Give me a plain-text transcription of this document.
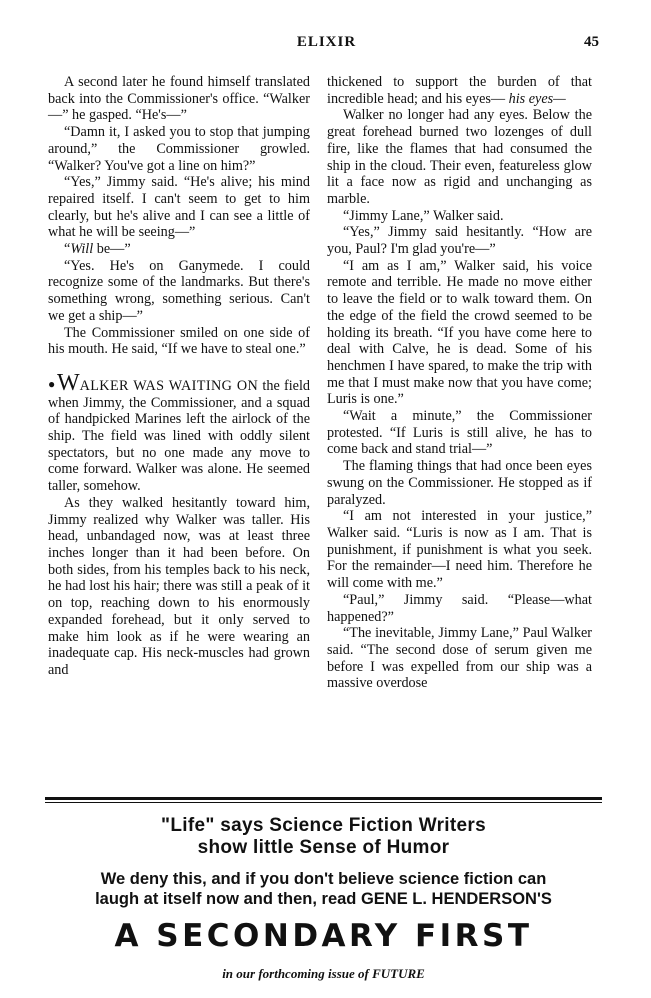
ELIXIR	45

A second later he found himself translated back into the Commissioner's office. “Walker—” he gasped. “He's—”

“Damn it, I asked you to stop that jumping around,” the Commissioner growled. “Walker? You've got a line on him?”

“Yes,” Jimmy said. “He's alive; his mind repaired itself. I can't seem to get to him clearly, but he's alive and I can see a little of what he will be seeing—”

“Will be—”

“Yes. He's on Ganymede. I could recognize some of the landmarks. But there's something wrong, something serious. Can't we get a ship—”

The Commissioner smiled on one side of his mouth. He said, “If we have to steal one.”

●WALKER WAS WAITING ON the field when Jimmy, the Commissioner, and a squad of handpicked Marines left the airlock of the ship. The field was lined with oddly silent spectators, but no one made any move to come forward. Walker was alone. He seemed taller, somehow.

As they walked hesitantly toward him, Jimmy realized why Walker was taller. His head, unbandaged now, was at least three inches longer than it had been before. On both sides, from his temples back to his neck, he had lost his hair; there was still a peak of it on top, reaching down to his enormously expanded forehead, but it only served to make him look as if he were wearing an inadequate cap. His neck-muscles had grown and

thickened to support the burden of that incredible head; and his eyes— his eyes—

Walker no longer had any eyes. Below the great forehead burned two lozenges of dull fire, like the flames that had consumed the ship in the cloud. Their even, featureless glow lit a face now as rigid and unchanging as marble.

“Jimmy Lane,” Walker said.

“Yes,” Jimmy said hesitantly. “How are you, Paul? I'm glad you're—”

“I am as I am,” Walker said, his voice remote and terrible. He made no move either to leave the field or to walk toward them. On the edge of the field the crowd seemed to be holding its breath. “If you have come here to deal with Calve, he is dead. Some of his henchmen I have spared, to make the trip with me that I must make now that you have come; Luris is one.”

“Wait a minute,” the Commissioner protested. “If Luris is still alive, he has to come back and stand trial—”

The flaming things that had once been eyes swung on the Commissioner. He stopped as if paralyzed.

“I am not interested in your justice,” Walker said. “Luris is now as I am. That is punishment, if punishment is what you seek. For the remainder—I need him. Therefore he will come with me.”

“Paul,” Jimmy said. “Please—what happened?”

“The inevitable, Jimmy Lane,” Paul Walker said. “The second dose of serum given me before I was expelled from our ship was a massive overdose

"Life" says Science Fiction Writers

show little Sense of Humor

We deny this, and if you don't believe science fiction can

laugh at itself now and then, read GENE L. HENDERSON'S

A SECONDARY FIRST

in our forthcoming issue of FUTURE
